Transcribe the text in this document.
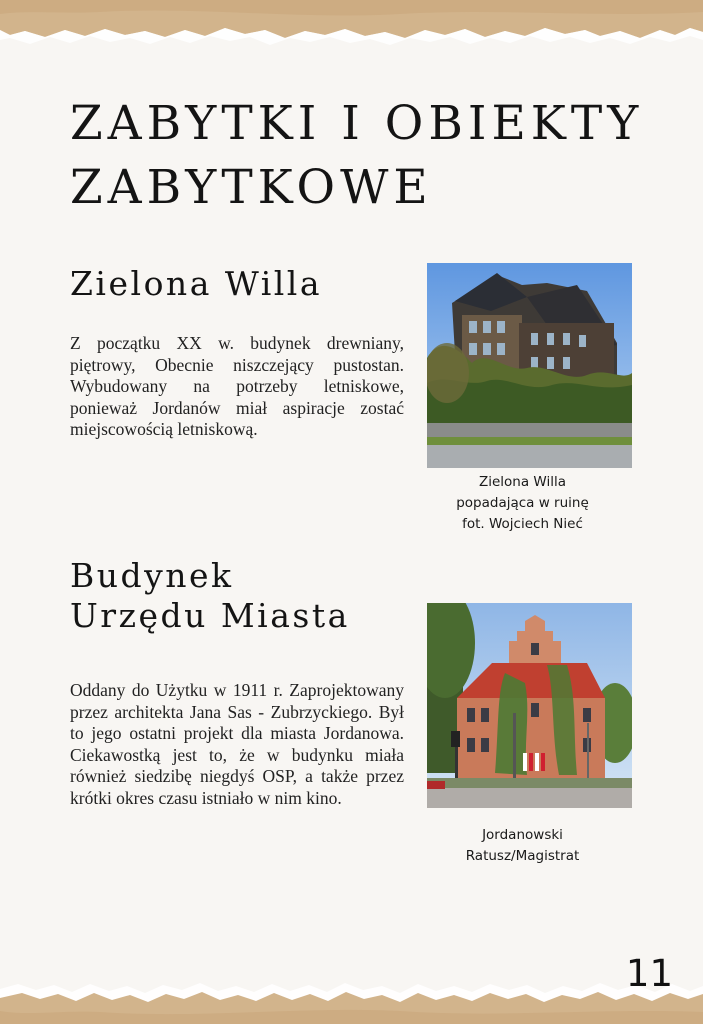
ZABYTKI I OBIEKTY ZABYTKOWE
Zielona Willa

Z początku XX w. budynek drewniany, piętrowy, Obecnie niszczejący pustostan. Wybudowany na potrzeby letniskowe, ponieważ Jordanów miał aspiracje zostać miejscowością letniskową.

Zielona Willa
popadająca w ruinę
fot. Wojciech Nieć

Budynek
Urzędu Miasta

Oddany do Użytku w 1911 r. Zaprojektowany przez architekta Jana Sas - Zubrzyckiego. Był to jego ostatni projekt dla miasta Jordanowa. Ciekawostką jest to, że w budynku miała również siedzibę niegdyś OSP, a także przez krótki okres czasu istniało w nim kino.

Jordanowski
Ratusz/Magistrat

11
